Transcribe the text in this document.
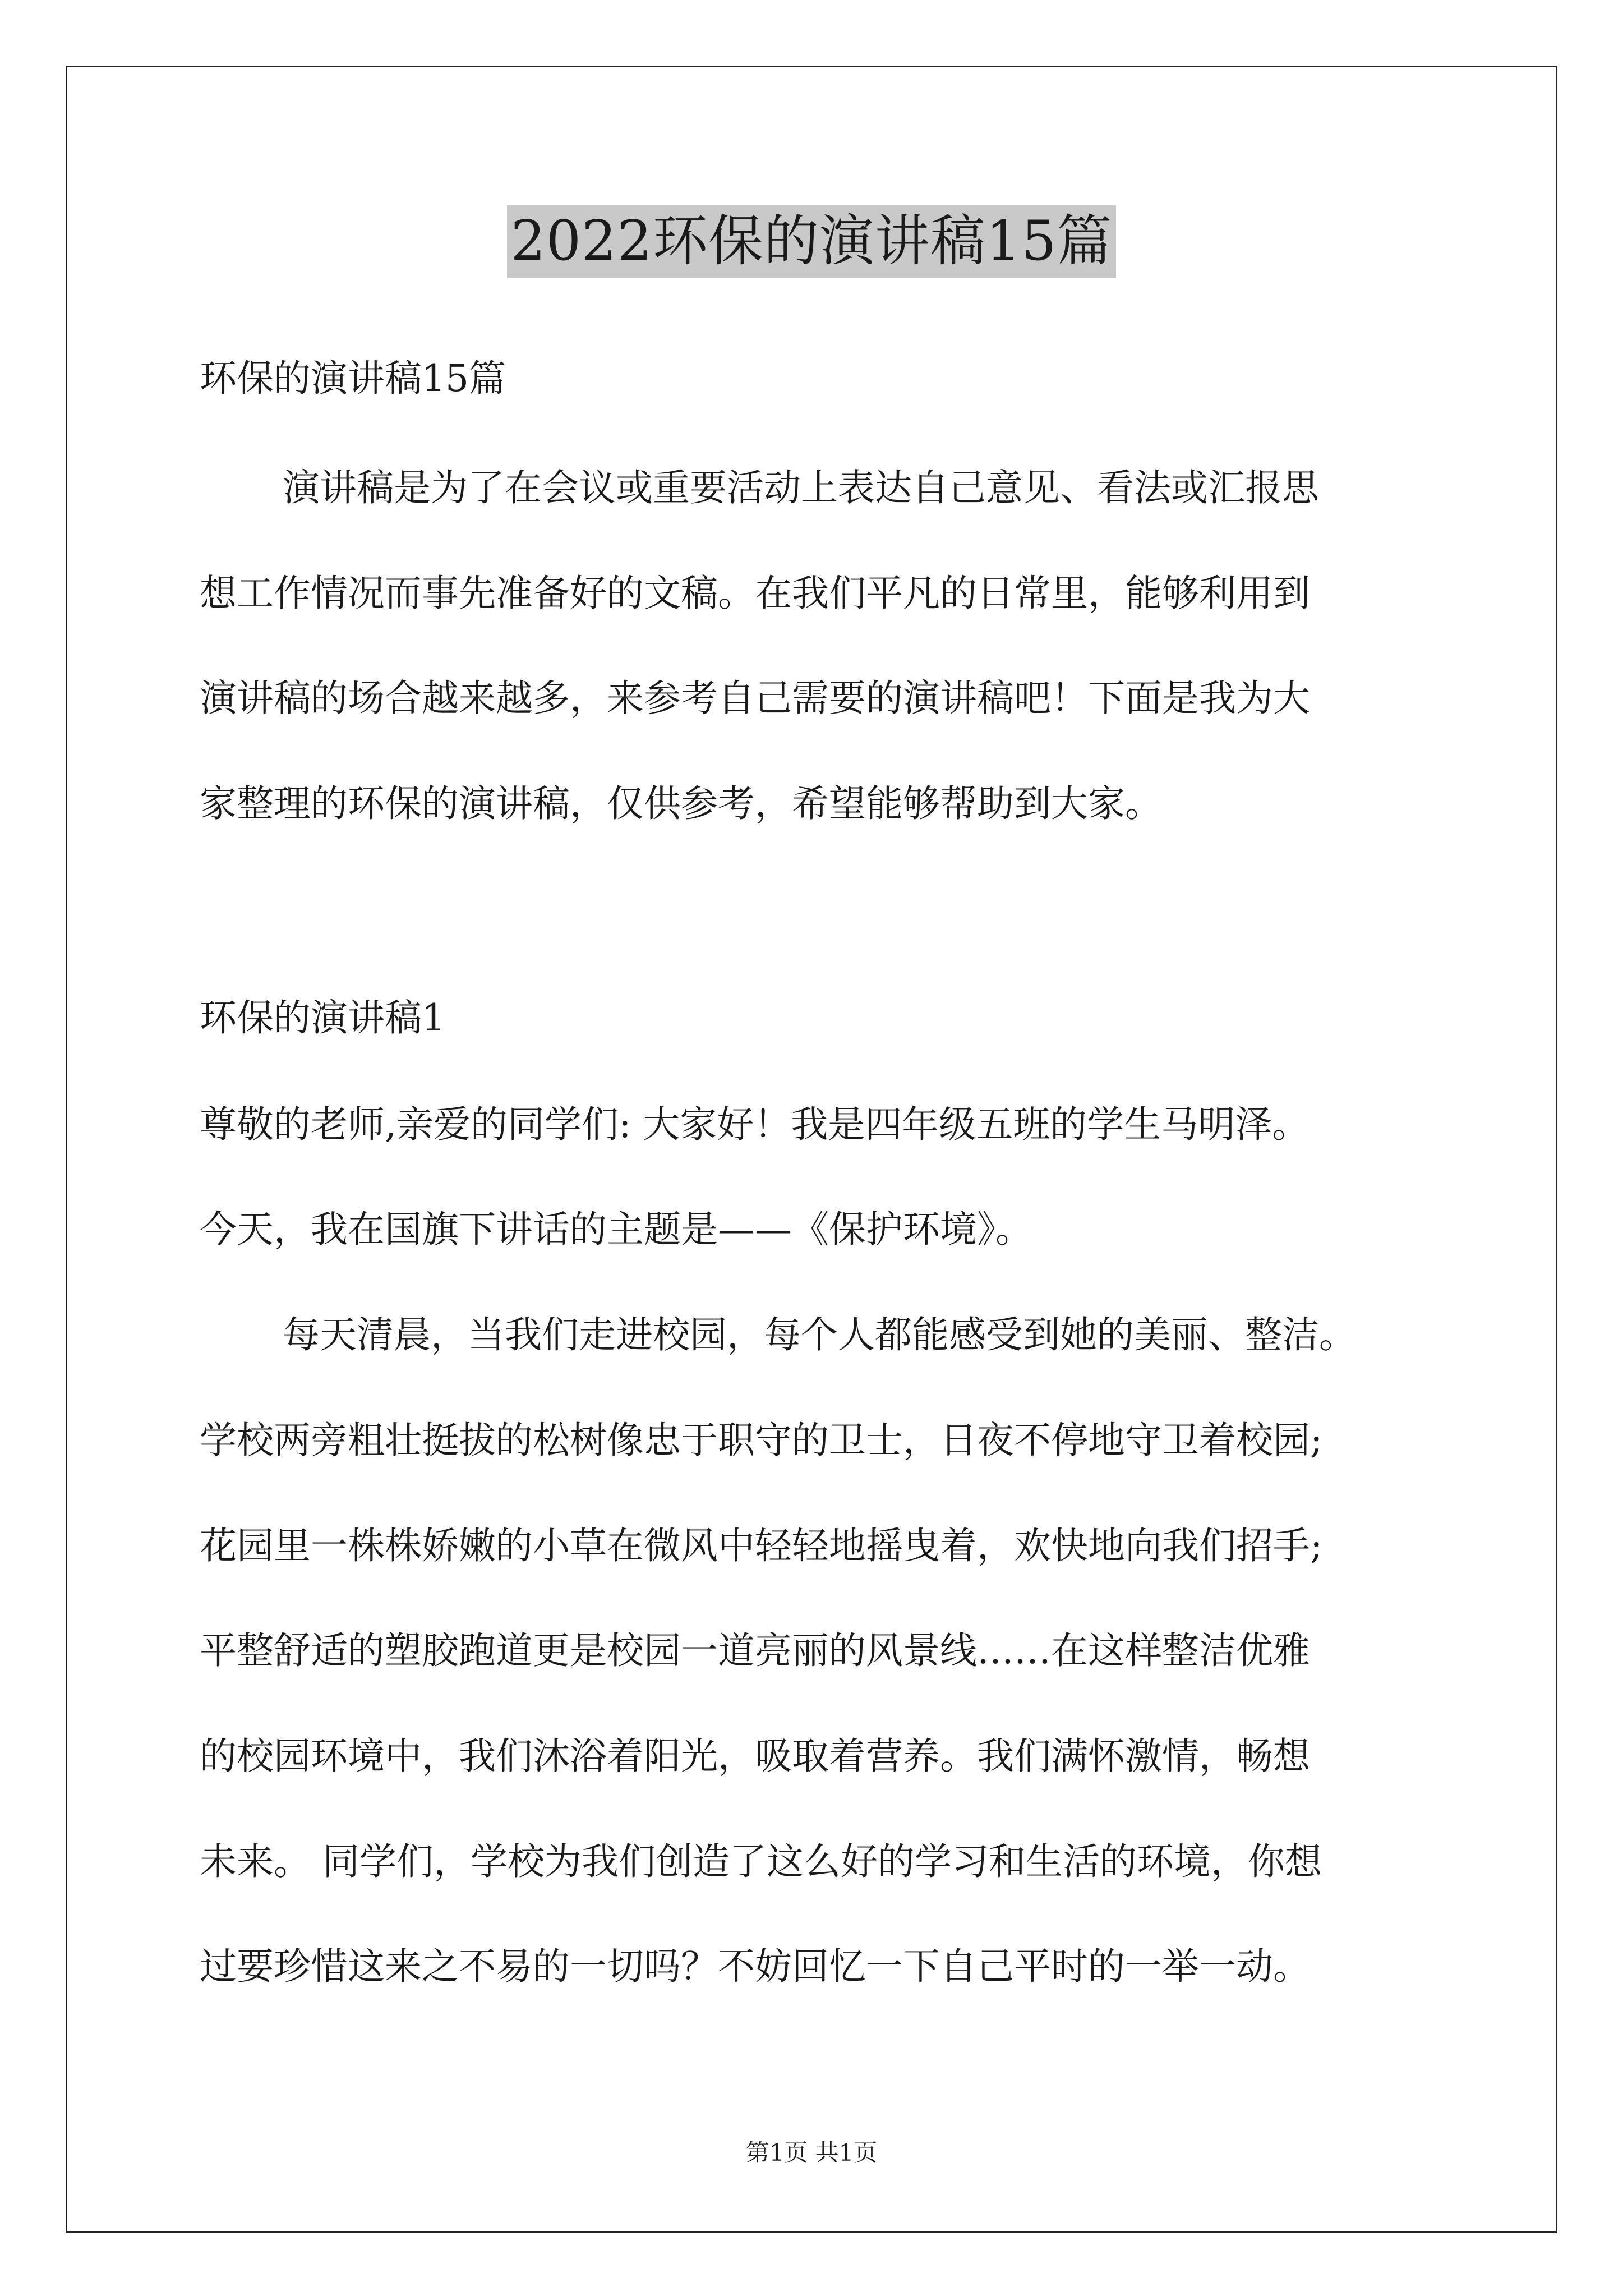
2022环保的演讲稿15篇
环保的演讲稿15篇
演讲稿是为了在会议或重要活动上表达自己意见、看法或汇报思
想工作情况而事先准备好的文稿。在我们平凡的日常里，能够利用到
演讲稿的场合越来越多，来参考自己需要的演讲稿吧！下面是我为大
家整理的环保的演讲稿，仅供参考，希望能够帮助到大家。
环保的演讲稿1
尊敬的老师,亲爱的同学们: 大家好！我是四年级五班的学生马明泽。
今天，我在国旗下讲话的主题是——《保护环境》。
每天清晨，当我们走进校园，每个人都能感受到她的美丽、整洁。
学校两旁粗壮挺拔的松树像忠于职守的卫士，日夜不停地守卫着校园;
花园里一株株娇嫩的小草在微风中轻轻地摇曳着，欢快地向我们招手;
平整舒适的塑胶跑道更是校园一道亮丽的风景线……在这样整洁优雅
的校园环境中，我们沐浴着阳光，吸取着营养。我们满怀激情，畅想
未来。 同学们，学校为我们创造了这么好的学习和生活的环境，你想
过要珍惜这来之不易的一切吗？不妨回忆一下自己平时的一举一动。
第1页 共1页
